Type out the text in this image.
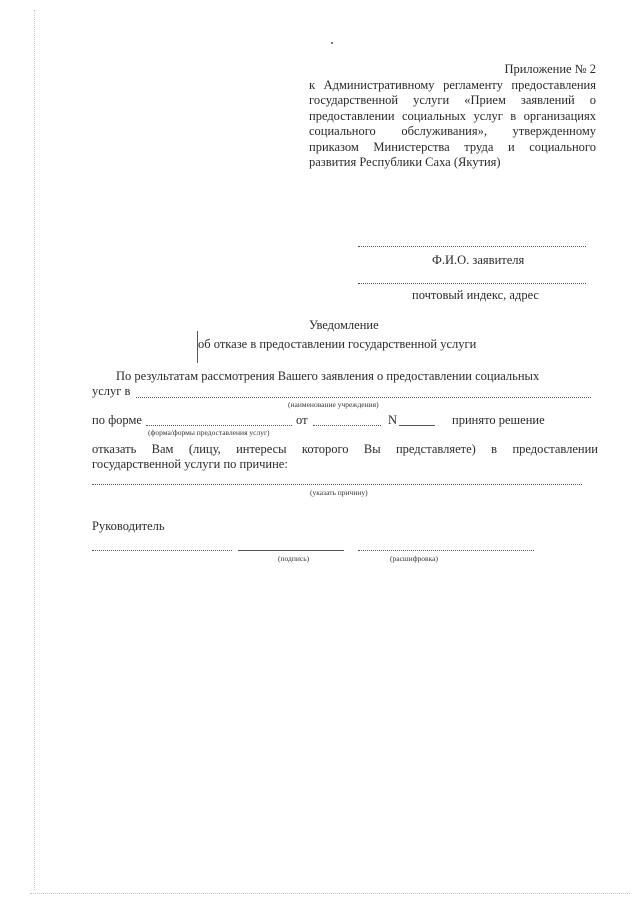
Приложение № 2
к Административному регламенту предоставления
государственной услуги «Прием заявлений о
предоставлении социальных услуг в организациях
социального обслуживания», утвержденному
приказом Министерства труда и социального
развития Республики Саха (Якутия)
Ф.И.О. заявителя
почтовый индекс, адрес
Уведомление
об отказе в предоставлении государственной услуги
По результатам рассмотрения Вашего заявления о предоставлении социальных
услуг в
(наименование учреждения)
по форме
(форма/формы предоставления услуг)
от	N	принято решение
отказать Вам (лицу, интересы которого Вы представляете) в предоставлении
государственной услуги по причине:
(указать причину)
Руководитель
(подпись)	(расшифровка)
